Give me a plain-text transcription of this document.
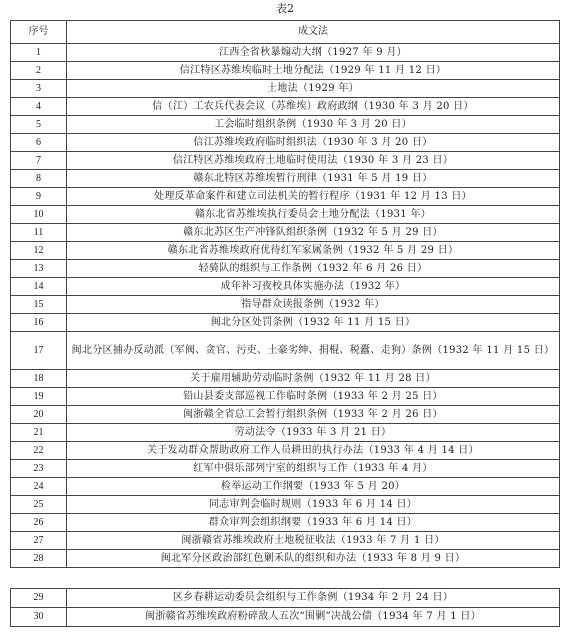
表2
序号	成文法
1	江西全省秋暴煽动大纲（1927 年 9 月）
2	信江特区苏维埃临时土地分配法（1929 年 11 月 12 日）
3	土地法（1929 年）
4	信（江）工农兵代表会议（苏维埃）政府政纲（1930 年 3 月 20 日）
5	工会临时组织条例（1930 年 3 月 20 日）
6	信江苏维埃政府临时组织法（1930 年 3 月 20 日）
7	信江特区苏维埃政府土地临时使用法（1930 年 3 月 23 日）
8	赣东北特区苏维埃暂行刑律（1931 年 5 月 19 日）
9	处理反革命案件和建立司法机关的暂行程序（1931 年 12 月 13 日）
10	赣东北省苏维埃执行委员会土地分配法（1931 年）
11	赣东北苏区生产冲锋队组织条例（1932 年 5 月 29 日）
12	赣东北省苏维埃政府优待红军家属条例（1932 年 5 月 29 日）
13	轻骑队的组织与工作条例（1932 年 6 月 26 日）
14	成年补习夜校具体实施办法（1932 年）
15	指导群众读报条例（1932 年）
16	闽北分区处罚条例（1932 年 11 月 15 日）
17	闽北分区捕办反动派（军阀、贪官、污吏、土豪劣绅、捐棍、税蠹、走狗）条例（1932 年 11 月 15 日）
18	关于雇用辅助劳动临时条例（1932 年 11 月 28 日）
19	铅山县委支部巡视工作临时条例（1933 年 2 月 25 日）
20	闽浙赣全省总工会暂行组织条例（1933 年 2 月 26 日）
21	劳动法令（1933 年 3 月 21 日）
22	关于发动群众帮助政府工作人员耕田的执行办法（1933 年 4 月 14 日）
23	红军中俱乐部列宁室的组织与工作（1933 年 4 月）
24	检举运动工作纲要（1933 年 5 月 20）
25	同志审判会临时规则（1933 年 6 月 14 日）
26	群众审判会组织纲要（1933 年 6 月 14 日）
27	闽浙赣省苏维埃政府土地税征收法（1933 年 7 月 1 日）
28	闽北军分区政治部红色剿禾队的组织和办法（1933 年 8 月 9 日）
29	区乡春耕运动委员会组织与工作条例（1934 年 2 月 24 日）
30	闽浙赣省苏维埃政府粉碎敌人五次“围剿”决战公债（1934 年 7 月 1 日）
